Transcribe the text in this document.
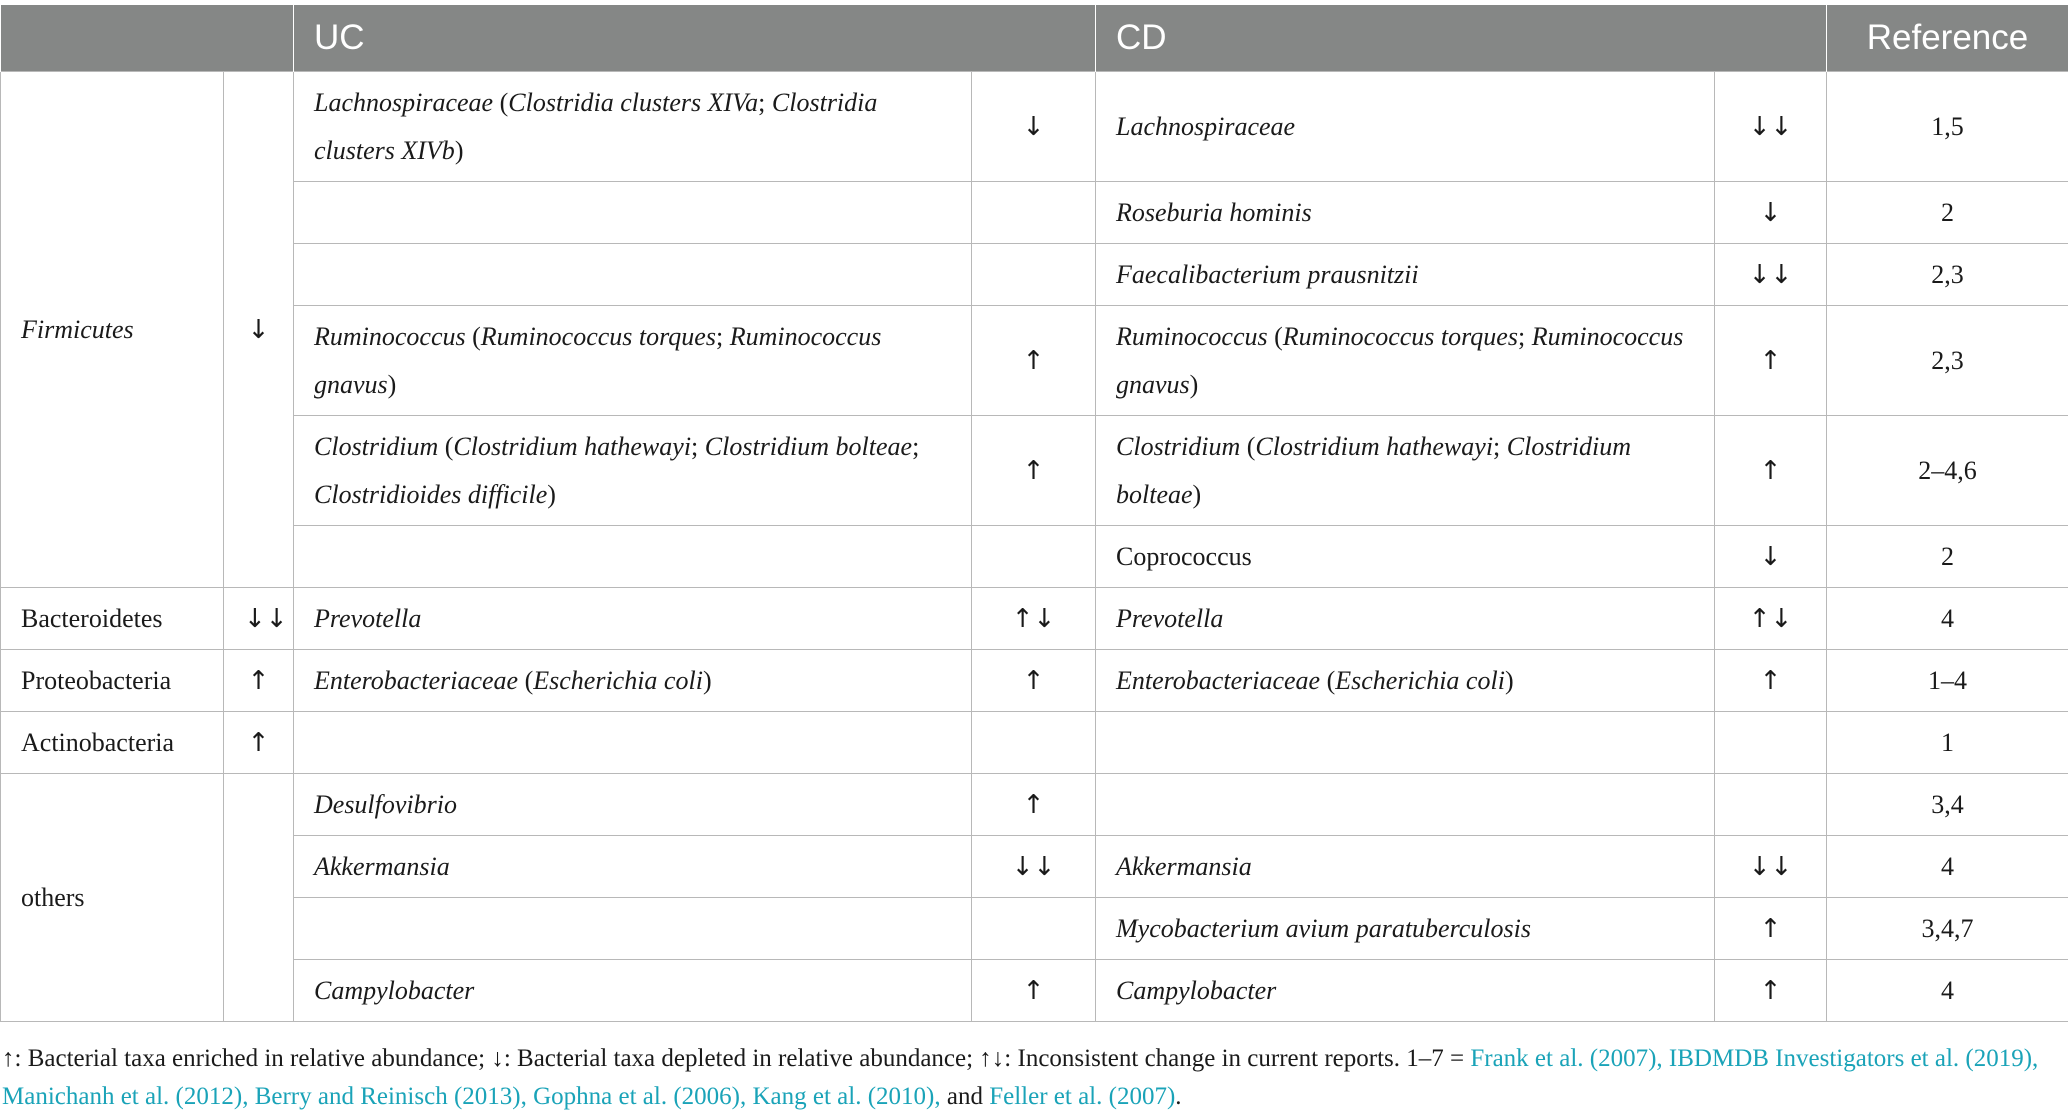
		UC		CD		Reference
Firmicutes	↓	Lachnospiraceae (Clostridia clusters XIVa; Clostridia clusters XIVb)	↓	Lachnospiraceae	↓↓	1,5
				Roseburia hominis	↓	2
				Faecalibacterium prausnitzii	↓↓	2,3
		Ruminococcus (Ruminococcus torques; Ruminococcus gnavus)	↑	Ruminococcus (Ruminococcus torques; Ruminococcus gnavus)	↑	2,3
		Clostridium (Clostridium hathewayi; Clostridium bolteae; Clostridioides difficile)	↑	Clostridium (Clostridium hathewayi; Clostridium bolteae)	↑	2–4,6
				Coprococcus	↓	2
Bacteroidetes	↓↓	Prevotella	↑↓	Prevotella	↑↓	4
Proteobacteria	↑	Enterobacteriaceae (Escherichia coli)	↑	Enterobacteriaceae (Escherichia coli)	↑	1–4
Actinobacteria	↑					1
others		Desulfovibrio	↑			3,4
		Akkermansia	↓↓	Akkermansia	↓↓	4
				Mycobacterium avium paratuberculosis	↑	3,4,7
		Campylobacter	↑	Campylobacter	↑	4
↑: Bacterial taxa enriched in relative abundance; ↓: Bacterial taxa depleted in relative abundance; ↑↓: Inconsistent change in current reports. 1–7 = Frank et al. (2007), IBDMDB Investigators et al. (2019), Manichanh et al. (2012), Berry and Reinisch (2013), Gophna et al. (2006), Kang et al. (2010), and Feller et al. (2007).
